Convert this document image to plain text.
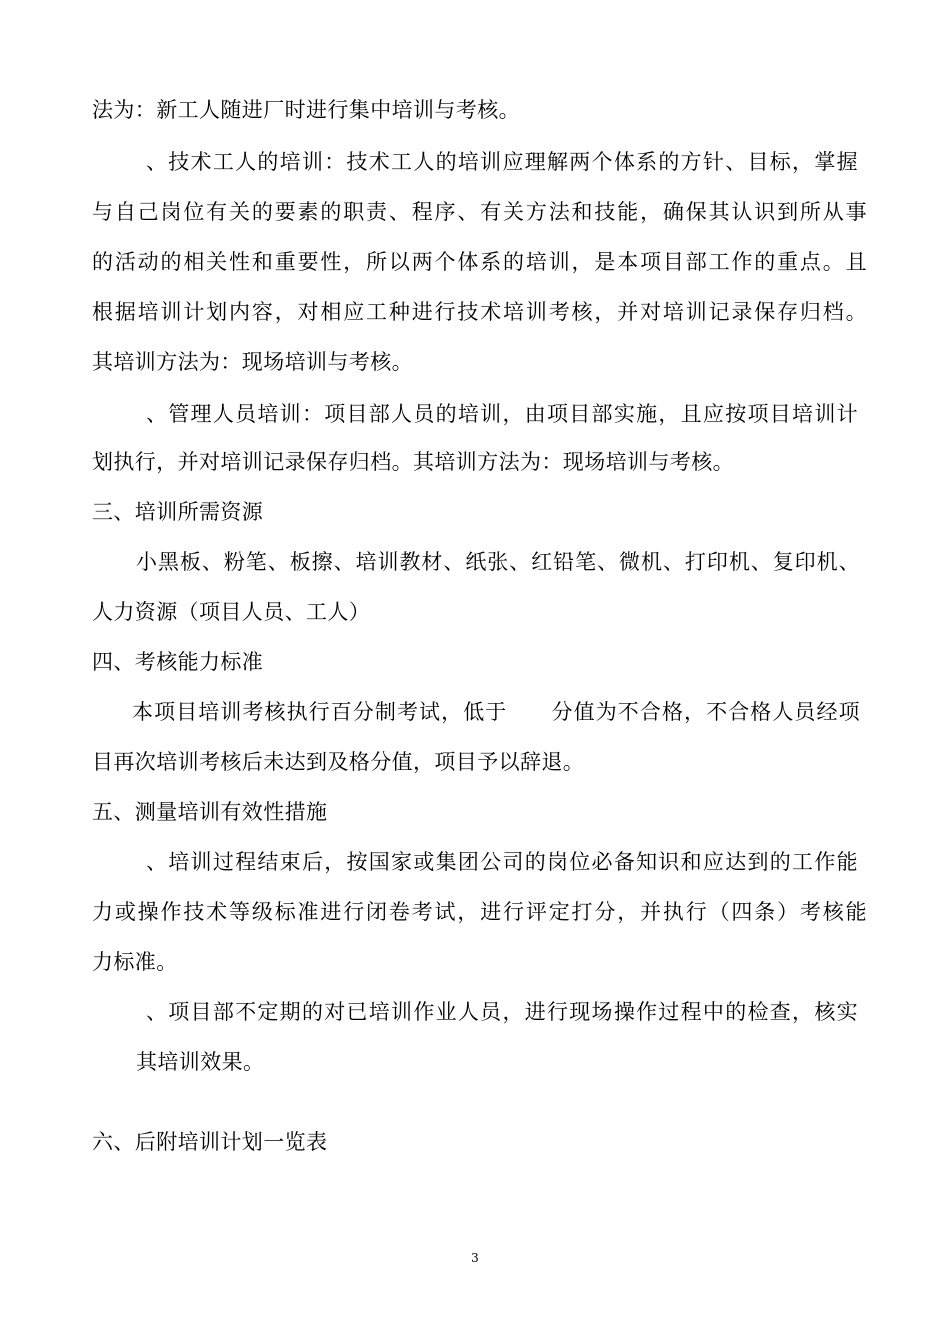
法为：新工人随进厂时进行集中培训与考核。
、技术工人的培训：技术工人的培训应理解两个体系的方针、目标，掌握
与自己岗位有关的要素的职责、程序、有关方法和技能，确保其认识到所从事
的活动的相关性和重要性，所以两个体系的培训，是本项目部工作的重点。且
根据培训计划内容，对相应工种进行技术培训考核，并对培训记录保存归档。
其培训方法为：现场培训与考核。
、管理人员培训：项目部人员的培训，由项目部实施，且应按项目培训计
划执行，并对培训记录保存归档。其培训方法为：现场培训与考核。
三、培训所需资源
小黑板、粉笔、板擦、培训教材、纸张、红铅笔、微机、打印机、复印机、
人力资源（项目人员、工人）
四、考核能力标准
本项目培训考核执行百分制考试，低于　　分值为不合格，不合格人员经项
目再次培训考核后未达到及格分值，项目予以辞退。
五、测量培训有效性措施
、培训过程结束后，按国家或集团公司的岗位必备知识和应达到的工作能
力或操作技术等级标准进行闭卷考试，进行评定打分，并执行（四条）考核能
力标准。
、项目部不定期的对已培训作业人员，进行现场操作过程中的检查，核实
其培训效果。
六、后附培训计划一览表
3
